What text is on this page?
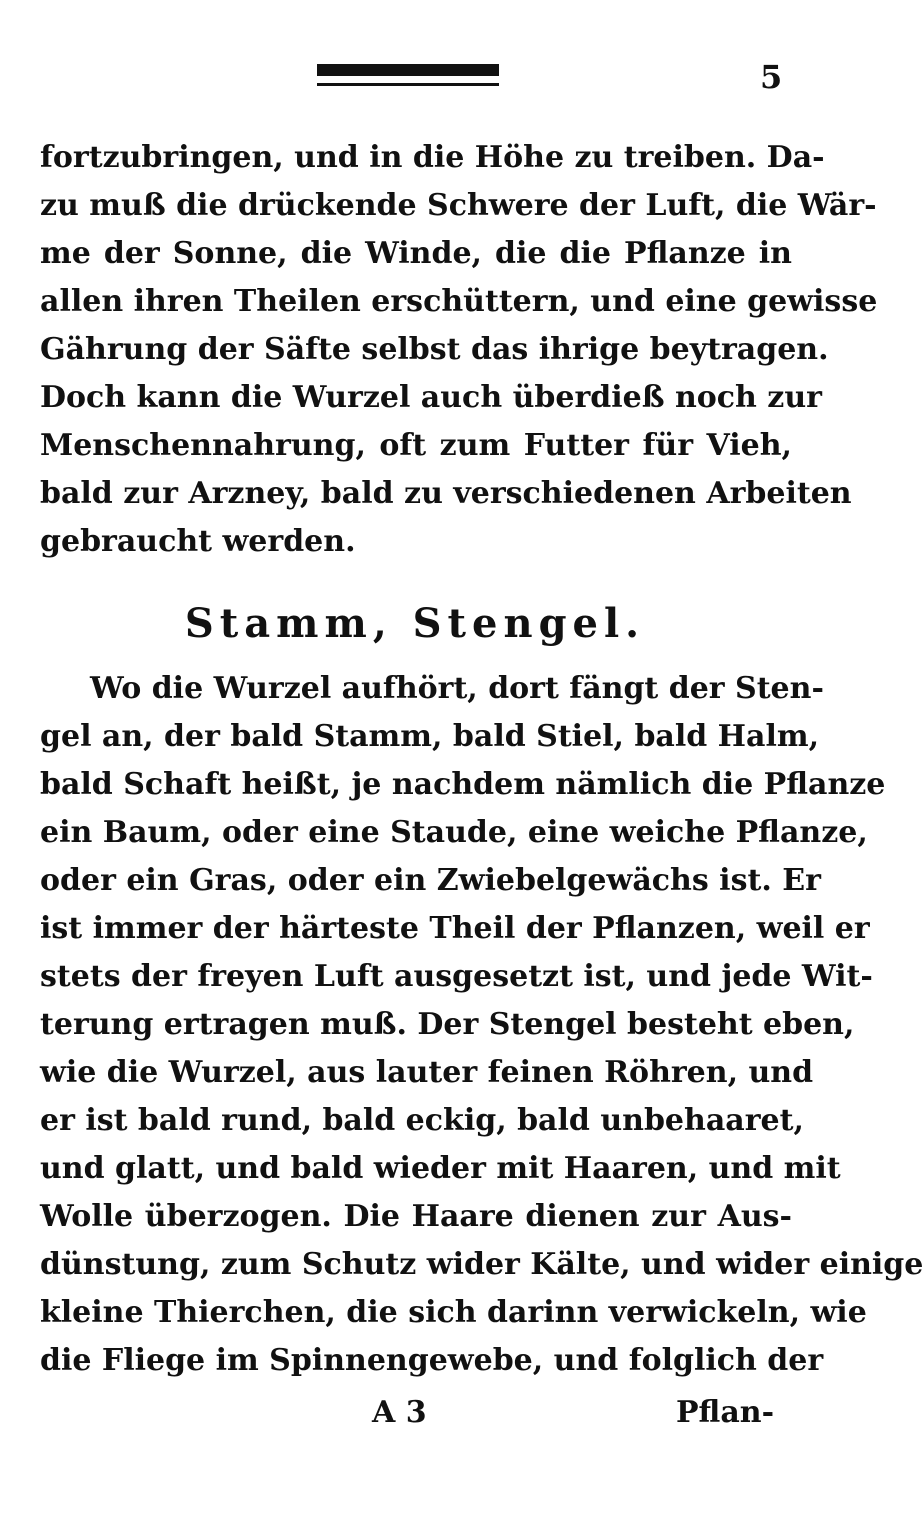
5
fortzubringen, und in die Höhe zu treiben. Da-
zu muß die drückende Schwere der Luft, die Wär-
me der Sonne, die Winde, die die Pflanze in
allen ihren Theilen erschüttern, und eine gewisse
Gährung der Säfte selbst das ihrige beytragen.
Doch kann die Wurzel auch überdieß noch zur
Menschennahrung, oft zum Futter für Vieh,
bald zur Arzney, bald zu verschiedenen Arbeiten
gebraucht werden.
Stamm, Stengel.
Wo die Wurzel aufhört, dort fängt der Sten-
gel an, der bald Stamm, bald Stiel, bald Halm,
bald Schaft heißt, je nachdem nämlich die Pflanze
ein Baum, oder eine Staude, eine weiche Pflanze,
oder ein Gras, oder ein Zwiebelgewächs ist. Er
ist immer der härteste Theil der Pflanzen, weil er
stets der freyen Luft ausgesetzt ist, und jede Wit-
terung ertragen muß. Der Stengel besteht eben,
wie die Wurzel, aus lauter feinen Röhren, und
er ist bald rund, bald eckig, bald unbehaaret,
und glatt, und bald wieder mit Haaren, und mit
Wolle überzogen. Die Haare dienen zur Aus-
dünstung, zum Schutz wider Kälte, und wider einige
kleine Thierchen, die sich darinn verwickeln, wie
die Fliege im Spinnengewebe, und folglich der
A 3	Pflan-
